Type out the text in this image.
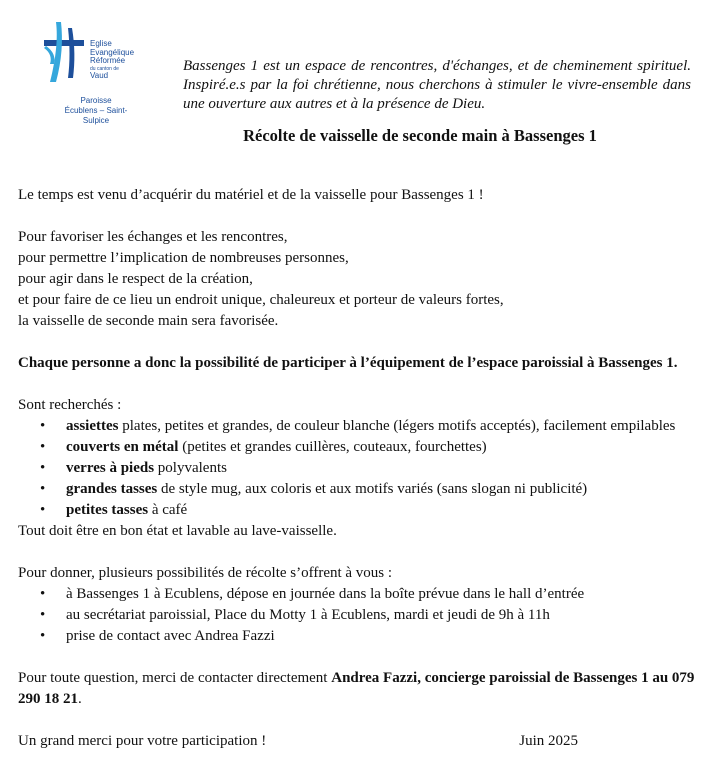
Eglise
Evangélique
Réformée
du canton de
Vaud
Paroisse
Écublens – Saint-Sulpice

Bassenges 1 est un espace de rencontres, d'échanges, et de cheminement spirituel. Inspiré.e.s par la foi chrétienne, nous cherchons à stimuler le vivre-ensemble dans une ouverture aux autres et à la présence de Dieu.

Récolte de vaisselle de seconde main à Bassenges 1

Le temps est venu d’acquérir du matériel et de la vaisselle pour Bassenges 1 !

Pour favoriser les échanges et les rencontres,

pour permettre l’implication de nombreuses personnes,

pour agir dans le respect de la création,

et pour faire de ce lieu un endroit unique, chaleureux et porteur de valeurs fortes,

la vaisselle de seconde main sera favorisée.

Chaque personne a donc la possibilité de participer à l’équipement de l’espace paroissial à Bassenges 1.

Sont recherchés :

• assiettes plates, petites et grandes, de couleur blanche (légers motifs acceptés), facilement empilables
• couverts en métal (petites et grandes cuillères, couteaux, fourchettes)
• verres à pieds polyvalents
• grandes tasses de style mug, aux coloris et aux motifs variés (sans slogan ni publicité)
• petites tasses à café

Tout doit être en bon état et lavable au lave-vaisselle.

Pour donner, plusieurs possibilités de récolte s’offrent à vous :

• à Bassenges 1 à Ecublens, dépose en journée dans la boîte prévue dans le hall d’entrée
• au secrétariat paroissial, Place du Motty 1 à Ecublens, mardi et jeudi de 9h à 11h
• prise de contact avec Andrea Fazzi

Pour toute question, merci de contacter directement Andrea Fazzi, concierge paroissial de Bassenges 1 au 079 290 18 21.

Un grand merci pour votre participation !	Juin 2025
